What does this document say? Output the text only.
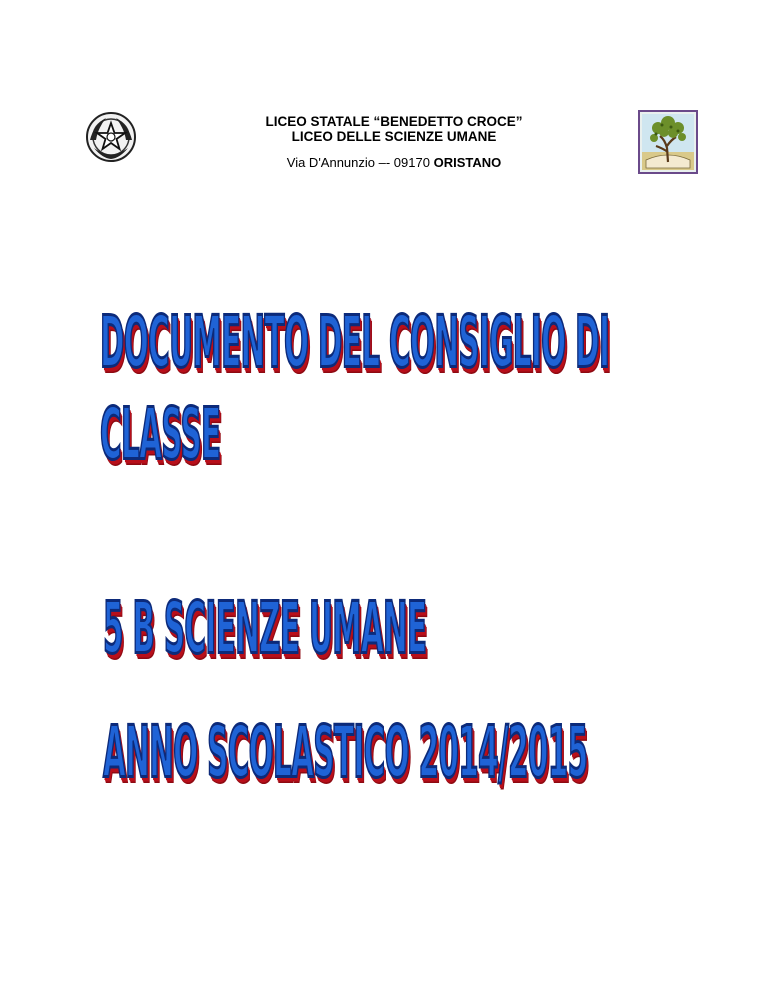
LICEO STATALE “BENEDETTO CROCE”
LICEO DELLE SCIENZE UMANE
Via D'Annunzio –- 09170 ORISTANO
DOCUMENTO DEL CONSIGLIO DI
CLASSE
5 B SCIENZE UMANE
ANNO SCOLASTICO 2014/2015
